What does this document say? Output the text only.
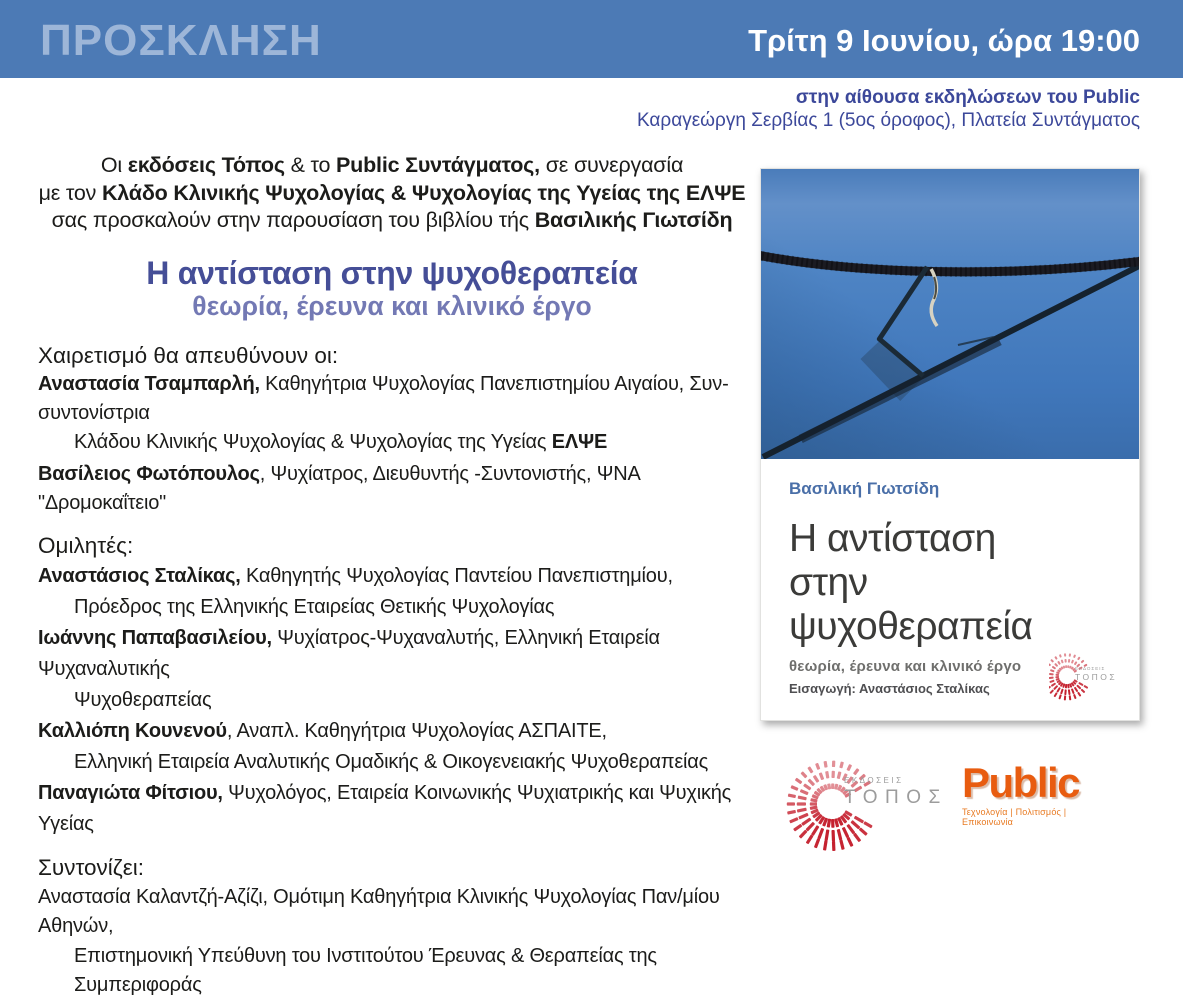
ΠΡΟΣΚΛΗΣΗ	Τρίτη 9 Ιουνίου, ώρα 19:00
στην αίθουσα εκδηλώσεων του Public
Καραγεώργη Σερβίας 1 (5ος όροφος), Πλατεία Συντάγματος
Οι εκδόσεις Τόπος & το Public Συντάγματος, σε συνεργασία
με τον Κλάδο Κλινικής Ψυχολογίας & Ψυχολογίας της Υγείας της ΕΛΨΕ
σας προσκαλούν στην παρουσίαση του βιβλίου τής Βασιλικής Γιωτσίδη
Η αντίσταση στην ψυχοθεραπεία
θεωρία, έρευνα και κλινικό έργο
Χαιρετισμό θα απευθύνουν οι:

Αναστασία Τσαμπαρλή, Καθηγήτρια Ψυχολογίας Πανεπιστημίου Αιγαίου, Συν-συντονίστρια

Κλάδου Κλινικής Ψυχολογίας & Ψυχολογίας της Υγείας ΕΛΨΕ

Βασίλειος Φωτόπουλος, Ψυχίατρος, Διευθυντής -Συντονιστής, ΨΝΑ "Δρομοκαΐτειο"

Ομιλητές:

Αναστάσιος Σταλίκας, Καθηγητής Ψυχολογίας Παντείου Πανεπιστημίου,

Πρόεδρος της Ελληνικής Εταιρείας Θετικής Ψυχολογίας

Ιωάννης Παπαβασιλείου, Ψυχίατρος-Ψυχαναλυτής, Ελληνική Εταιρεία Ψυχαναλυτικής

Ψυχοθεραπείας

Καλλιόπη Κουνενού, Αναπλ. Καθηγήτρια Ψυχολογίας ΑΣΠΑΙΤΕ,

Ελληνική Εταιρεία Αναλυτικής Ομαδικής & Οικογενειακής Ψυχοθεραπείας

Παναγιώτα Φίτσιου, Ψυχολόγος, Εταιρεία Κοινωνικής Ψυχιατρικής και Ψυχικής Υγείας

Συντονίζει:

Αναστασία Καλαντζή-Αζίζι, Ομότιμη Καθηγήτρια Κλινικής Ψυχολογίας Παν/μίου Αθηνών,

Επιστημονική Υπεύθυνη του Ινστιτούτου Έρευνας & Θεραπείας της Συμπεριφοράς

Βασιλική Γιωτσίδη
Η αντίσταση
στην ψυχοθεραπεία
θεωρία, έρευνα και κλινικό έργο
Εισαγωγή: Αναστάσιος Σταλίκας
ΕΚΔΟΣΕΙΣ
ΤΟΠΟΣ
ΕΚΔΟΣΕΙΣ
ΤΟΠΟΣ Public
Τεχνολογία | Πολιτισμός | Επικοινωνία
